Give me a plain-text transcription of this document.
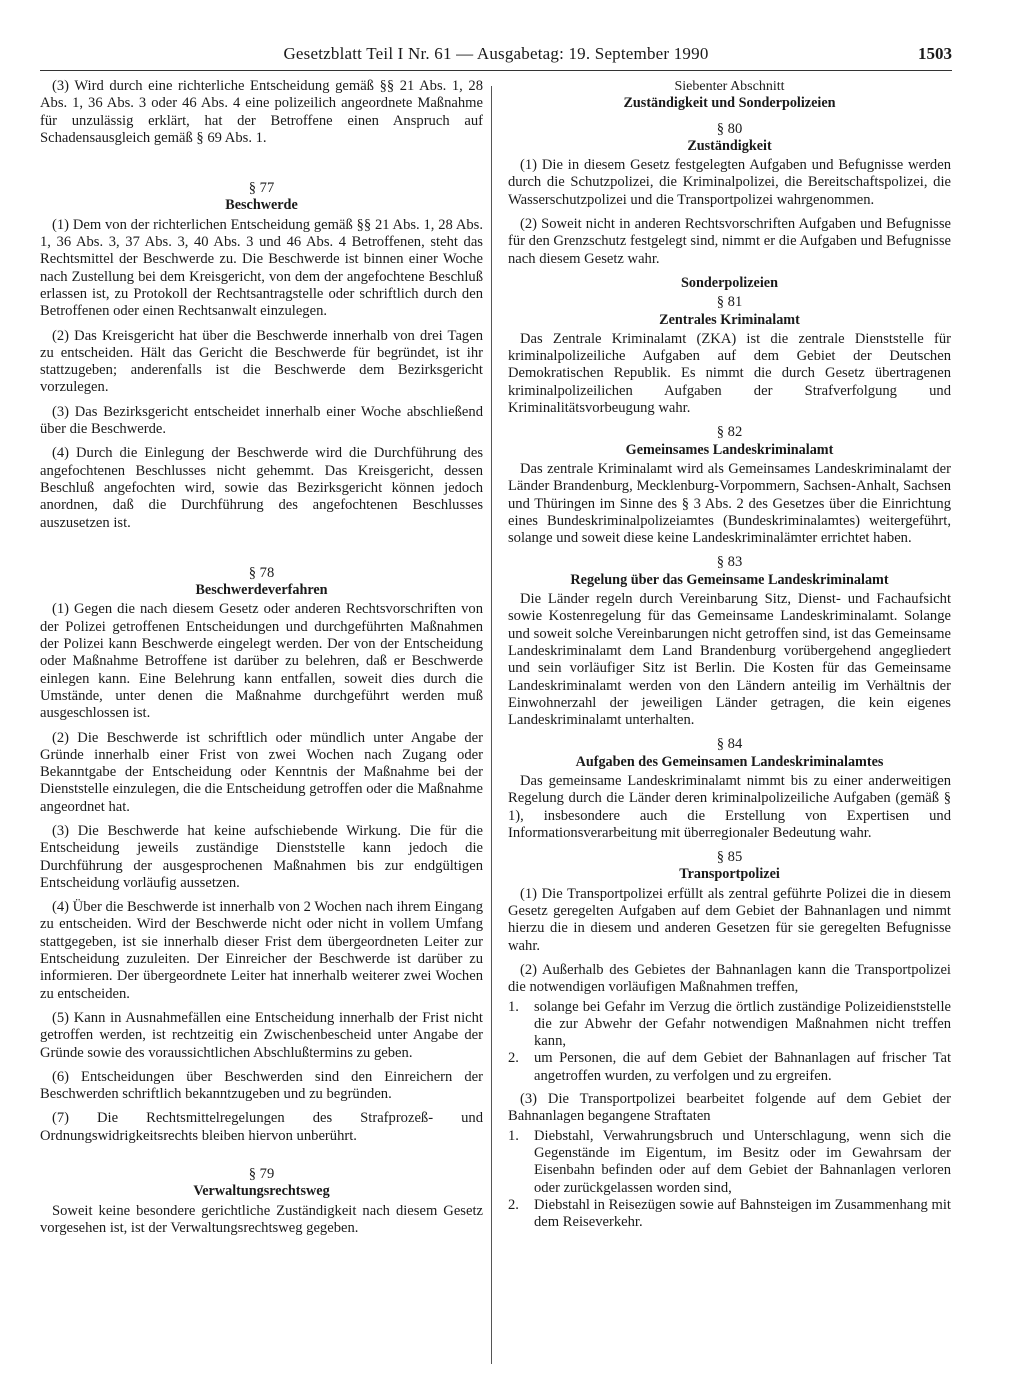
Gesetzblatt Teil I Nr. 61 — Ausgabetag: 19. September 1990	1503

(3) Wird durch eine richterliche Entscheidung gemäß §§ 21 Abs. 1, 28 Abs. 1, 36 Abs. 3 oder 46 Abs. 4 eine polizeilich angeordnete Maßnahme für unzulässig erklärt, hat der Betroffene einen Anspruch auf Schadensausgleich gemäß § 69 Abs. 1.

§ 77
Beschwerde

(1) Dem von der richterlichen Entscheidung gemäß §§ 21 Abs. 1, 28 Abs. 1, 36 Abs. 3, 37 Abs. 3, 40 Abs. 3 und 46 Abs. 4 Betroffenen, steht das Rechtsmittel der Beschwerde zu. Die Beschwerde ist binnen einer Woche nach Zustellung bei dem Kreisgericht, von dem der angefochtene Beschluß erlassen ist, zu Protokoll der Rechtsantragstelle oder schriftlich durch den Betroffenen oder einen Rechtsanwalt einzulegen.

(2) Das Kreisgericht hat über die Beschwerde innerhalb von drei Tagen zu entscheiden. Hält das Gericht die Beschwerde für begründet, ist ihr stattzugeben; anderenfalls ist die Beschwerde dem Bezirksgericht vorzulegen.

(3) Das Bezirksgericht entscheidet innerhalb einer Woche abschließend über die Beschwerde.

(4) Durch die Einlegung der Beschwerde wird die Durchführung des angefochtenen Beschlusses nicht gehemmt. Das Kreisgericht, dessen Beschluß angefochten wird, sowie das Bezirksgericht können jedoch anordnen, daß die Durchführung des angefochtenen Beschlusses auszusetzen ist.

§ 78
Beschwerdeverfahren

(1) Gegen die nach diesem Gesetz oder anderen Rechtsvorschriften von der Polizei getroffenen Entscheidungen und durchgeführten Maßnahmen der Polizei kann Beschwerde eingelegt werden. Der von der Entscheidung oder Maßnahme Betroffene ist darüber zu belehren, daß er Beschwerde einlegen kann. Eine Belehrung kann entfallen, soweit dies durch die Umstände, unter denen die Maßnahme durchgeführt werden muß ausgeschlossen ist.

(2) Die Beschwerde ist schriftlich oder mündlich unter Angabe der Gründe innerhalb einer Frist von zwei Wochen nach Zugang oder Bekanntgabe der Entscheidung oder Kenntnis der Maßnahme bei der Dienststelle einzulegen, die die Entscheidung getroffen oder die Maßnahme angeordnet hat.

(3) Die Beschwerde hat keine aufschiebende Wirkung. Die für die Entscheidung jeweils zuständige Dienststelle kann jedoch die Durchführung der ausgesprochenen Maßnahmen bis zur endgültigen Entscheidung vorläufig aussetzen.

(4) Über die Beschwerde ist innerhalb von 2 Wochen nach ihrem Eingang zu entscheiden. Wird der Beschwerde nicht oder nicht in vollem Umfang stattgegeben, ist sie innerhalb dieser Frist dem übergeordneten Leiter zur Entscheidung zuzuleiten. Der Einreicher der Beschwerde ist darüber zu informieren. Der übergeordnete Leiter hat innerhalb weiterer zwei Wochen zu entscheiden.

(5) Kann in Ausnahmefällen eine Entscheidung innerhalb der Frist nicht getroffen werden, ist rechtzeitig ein Zwischenbescheid unter Angabe der Gründe sowie des voraussichtlichen Abschlußtermins zu geben.

(6) Entscheidungen über Beschwerden sind den Einreichern der Beschwerden schriftlich bekanntzugeben und zu begründen.

(7) Die Rechtsmittelregelungen des Strafprozeß- und Ordnungswidrigkeitsrechts bleiben hiervon unberührt.

§ 79
Verwaltungsrechtsweg

Soweit keine besondere gerichtliche Zuständigkeit nach diesem Gesetz vorgesehen ist, ist der Verwaltungsrechtsweg gegeben.

Siebenter Abschnitt
Zuständigkeit und Sonderpolizeien
§ 80
Zuständigkeit

(1) Die in diesem Gesetz festgelegten Aufgaben und Befugnisse werden durch die Schutzpolizei, die Kriminalpolizei, die Bereitschaftspolizei, die Wasserschutzpolizei und die Transportpolizei wahrgenommen.

(2) Soweit nicht in anderen Rechtsvorschriften Aufgaben und Befugnisse für den Grenzschutz festgelegt sind, nimmt er die Aufgaben und Befugnisse nach diesem Gesetz wahr.

Sonderpolizeien
§ 81
Zentrales Kriminalamt

Das Zentrale Kriminalamt (ZKA) ist die zentrale Dienststelle für kriminalpolizeiliche Aufgaben auf dem Gebiet der Deutschen Demokratischen Republik. Es nimmt die durch Gesetz übertragenen kriminalpolizeilichen Aufgaben der Strafverfolgung und Kriminalitätsvorbeugung wahr.

§ 82
Gemeinsames Landeskriminalamt

Das zentrale Kriminalamt wird als Gemeinsames Landeskriminalamt der Länder Brandenburg, Mecklenburg-Vorpommern, Sachsen-Anhalt, Sachsen und Thüringen im Sinne des § 3 Abs. 2 des Gesetzes über die Einrichtung eines Bundeskriminalpolizeiamtes (Bundeskriminalamtes) weitergeführt, solange und soweit diese keine Landeskriminalämter errichtet haben.

§ 83
Regelung über das Gemeinsame Landeskriminalamt

Die Länder regeln durch Vereinbarung Sitz, Dienst- und Fachaufsicht sowie Kostenregelung für das Gemeinsame Landeskriminalamt. Solange und soweit solche Vereinbarungen nicht getroffen sind, ist das Gemeinsame Landeskriminalamt dem Land Brandenburg vorübergehend angegliedert und sein vorläufiger Sitz ist Berlin. Die Kosten für das Gemeinsame Landeskriminalamt werden von den Ländern anteilig im Verhältnis der Einwohnerzahl der jeweiligen Länder getragen, die kein eigenes Landeskriminalamt unterhalten.

§ 84
Aufgaben des Gemeinsamen Landeskriminalamtes

Das gemeinsame Landeskriminalamt nimmt bis zu einer anderweitigen Regelung durch die Länder deren kriminalpolizeiliche Aufgaben (gemäß § 1), insbesondere auch die Erstellung von Expertisen und Informationsverarbeitung mit überregionaler Bedeutung wahr.

§ 85
Transportpolizei

(1) Die Transportpolizei erfüllt als zentral geführte Polizei die in diesem Gesetz geregelten Aufgaben auf dem Gebiet der Bahnanlagen und nimmt hierzu die in diesem und anderen Gesetzen für sie geregelten Befugnisse wahr.

(2) Außerhalb des Gebietes der Bahnanlagen kann die Transportpolizei die notwendigen vorläufigen Maßnahmen treffen,

1. solange bei Gefahr im Verzug die örtlich zuständige Polizeidienststelle die zur Abwehr der Gefahr notwendigen Maßnahmen nicht treffen kann,
2. um Personen, die auf dem Gebiet der Bahnanlagen auf frischer Tat angetroffen wurden, zu verfolgen und zu ergreifen.

(3) Die Transportpolizei bearbeitet folgende auf dem Gebiet der Bahnanlagen begangene Straftaten

1. Diebstahl, Verwahrungsbruch und Unterschlagung, wenn sich die Gegenstände im Eigentum, im Besitz oder im Gewahrsam der Eisenbahn befinden oder auf dem Gebiet der Bahnanlagen verloren oder zurückgelassen worden sind,
2. Diebstahl in Reisezügen sowie auf Bahnsteigen im Zusammenhang mit dem Reiseverkehr.
